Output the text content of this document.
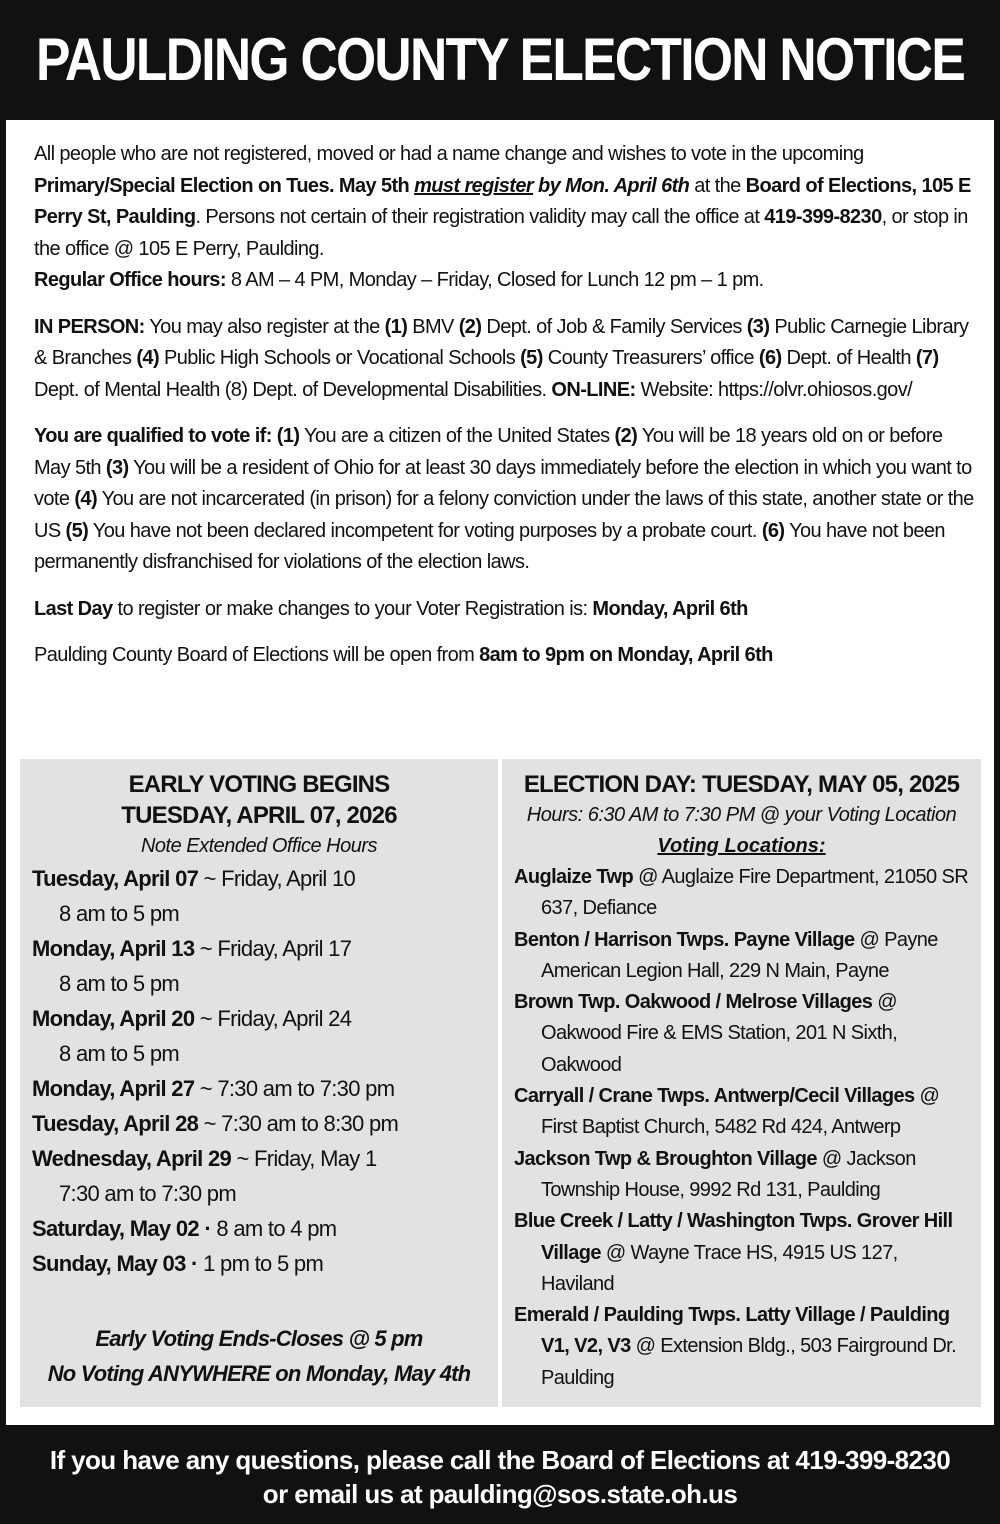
PAULDING COUNTY ELECTION NOTICE

All people who are not registered, moved or had a name change and wishes to vote in the upcoming Primary/Special Election on Tues. May 5th must register by Mon. April 6th at the Board of Elections, 105 E Perry St, Paulding. Persons not certain of their registration validity may call the office at 419-399-8230, or stop in the office @ 105 E Perry, Paulding.
Regular Office hours: 8 AM – 4 PM, Monday – Friday, Closed for Lunch 12 pm – 1 pm.

IN PERSON: You may also register at the (1) BMV (2) Dept. of Job & Family Services (3) Public Carnegie Library & Branches (4) Public High Schools or Vocational Schools (5) County Treasurers’ office (6) Dept. of Health (7) Dept. of Mental Health (8) Dept. of Developmental Disabilities. ON-LINE: Website: https://olvr.ohiosos.gov/

You are qualified to vote if: (1) You are a citizen of the United States (2) You will be 18 years old on or before May 5th (3) You will be a resident of Ohio for at least 30 days immediately before the election in which you want to vote (4) You are not incarcerated (in prison) for a felony conviction under the laws of this state, another state or the US (5) You have not been declared incompetent for voting purposes by a probate court. (6) You have not been permanently disfranchised for violations of the election laws.

Last Day to register or make changes to your Voter Registration is: Monday, April 6th

Paulding County Board of Elections will be open from 8am to 9pm on Monday, April 6th

EARLY VOTING BEGINS
TUESDAY, APRIL 07, 2026
Note Extended Office Hours
Tuesday, April 07 ~ Friday, April 10
8 am to 5 pm
Monday, April 13 ~ Friday, April 17
8 am to 5 pm
Monday, April 20 ~ Friday, April 24
8 am to 5 pm
Monday, April 27 ~ 7:30 am to 7:30 pm
Tuesday, April 28 ~ 7:30 am to 8:30 pm
Wednesday, April 29 ~ Friday, May 1
7:30 am to 7:30 pm
Saturday, May 02 · 8 am to 4 pm
Sunday, May 03 · 1 pm to 5 pm
Early Voting Ends-Closes @ 5 pm
No Voting ANYWHERE on Monday, May 4th
ELECTION DAY: TUESDAY, MAY 05, 2025
Hours: 6:30 AM to 7:30 PM @ your Voting Location
Voting Locations:
Auglaize Twp @ Auglaize Fire Department, 21050 SR 637, Defiance
Benton / Harrison Twps. Payne Village @ Payne American Legion Hall, 229 N Main, Payne
Brown Twp. Oakwood / Melrose Villages @ Oakwood Fire & EMS Station, 201 N Sixth, Oakwood
Carryall / Crane Twps. Antwerp/Cecil Villages @ First Baptist Church, 5482 Rd 424, Antwerp
Jackson Twp & Broughton Village @ Jackson Township House, 9992 Rd 131, Paulding
Blue Creek / Latty / Washington Twps. Grover Hill Village @ Wayne Trace HS, 4915 US 127, Haviland
Emerald / Paulding Twps. Latty Village / Paulding V1, V2, V3 @ Extension Bldg., 503 Fairground Dr. Paulding
If you have any questions, please call the Board of Elections at 419-399-8230
or email us at paulding@sos.state.oh.us
